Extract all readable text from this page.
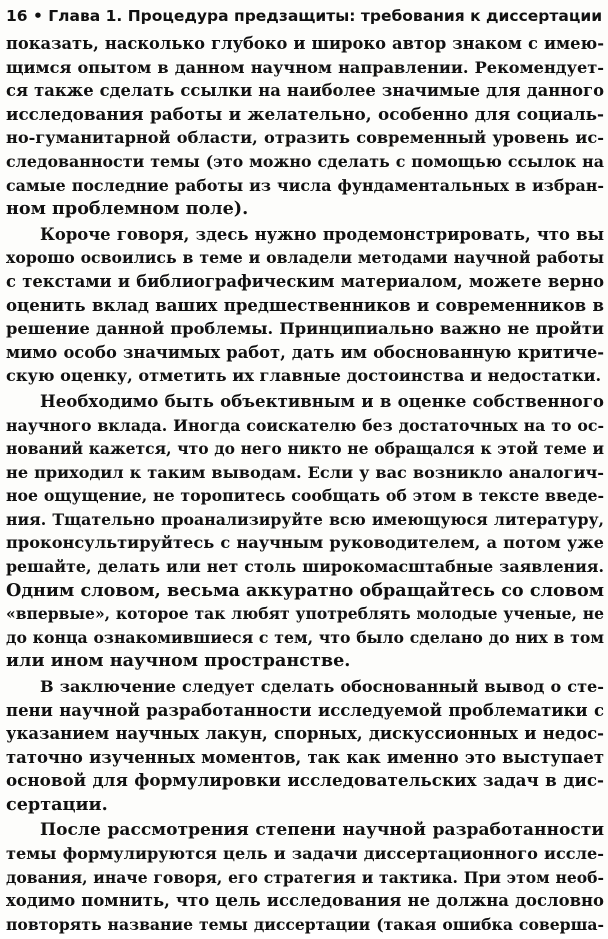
16 • Глава 1. Процедура предзащиты: требования к диссертации
показать, насколько глубоко и широко автор знаком с имею-
щимся опытом в данном научном направлении. Рекомендует-
ся также сделать ссылки на наиболее значимые для данного
исследования работы и желательно, особенно для социаль-
но-гуманитарной области, отразить современный уровень ис-
следованности темы (это можно сделать с помощью ссылок на
самые последние работы из числа фундаментальных в избран-
ном проблемном поле).
Короче говоря, здесь нужно продемонстрировать, что вы
хорошо освоились в теме и овладели методами научной работы
с текстами и библиографическим материалом, можете верно
оценить вклад ваших предшественников и современников в
решение данной проблемы. Принципиально важно не пройти
мимо особо значимых работ, дать им обоснованную критиче-
скую оценку, отметить их главные достоинства и недостатки.
Необходимо быть объективным и в оценке собственного
научного вклада. Иногда соискателю без достаточных на то ос-
нований кажется, что до него никто не обращался к этой теме и
не приходил к таким выводам. Если у вас возникло аналогич-
ное ощущение, не торопитесь сообщать об этом в тексте введе-
ния. Тщательно проанализируйте всю имеющуюся литературу,
проконсультируйтесь с научным руководителем, а потом уже
решайте, делать или нет столь широкомасштабные заявления.
Одним словом, весьма аккуратно обращайтесь со словом
«впервые», которое так любят употреблять молодые ученые, не
до конца ознакомившиеся с тем, что было сделано до них в том
или ином научном пространстве.
В заключение следует сделать обоснованный вывод о сте-
пени научной разработанности исследуемой проблематики с
указанием научных лакун, спорных, дискуссионных и недос-
таточно изученных моментов, так как именно это выступает
основой для формулировки исследовательских задач в дис-
сертации.
После рассмотрения степени научной разработанности
темы формулируются цель и задачи диссертационного иссле-
дования, иначе говоря, его стратегия и тактика. При этом необ-
ходимо помнить, что цель исследования не должна дословно
повторять название темы диссертации (такая ошибка соверша-
